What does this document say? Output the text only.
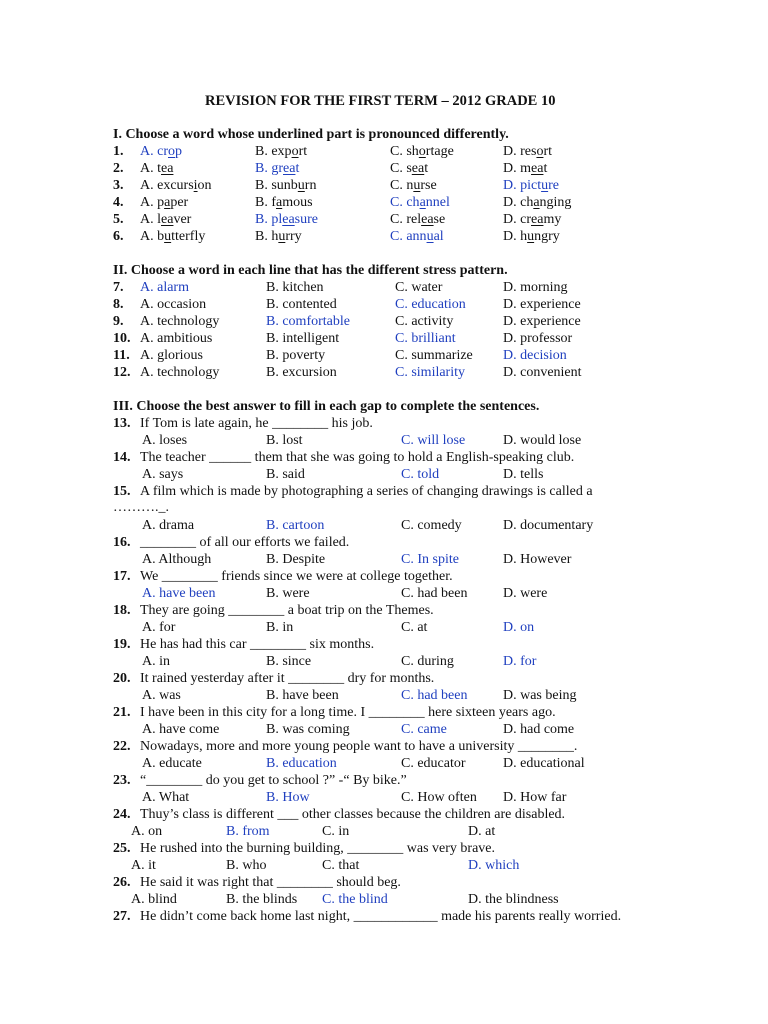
REVISION FOR THE FIRST TERM – 2012 GRADE 10
I. Choose a word whose underlined part is pronounced differently.
1. A. crop	B. export	C. shortage	D. resort
2. A. tea	B. great	C. seat	D. meat
3. A. excursion	B. sunburn	C. nurse	D. picture
4. A. paper	B. famous	C. channel	D. changing
5. A. leaver	B. pleasure	C. release	D. creamy
6. A. butterfly	B. hurry	C. annual	D. hungry
II. Choose a word in each line that has the different stress pattern.
7. A. alarm	B. kitchen	C. water	D. morning
8. A. occasion	B. contented	C. education	D. experience
9. A. technology	B. comfortable	C. activity	D. experience
10. A. ambitious	B. intelligent	C. brilliant	D. professor
11. A. glorious	B. poverty	C. summarize D. decision
12. A. technology	B. excursion	C. similarity	D. convenient
III. Choose the best answer to fill in each gap to complete the sentences.
13. If Tom is late again, he ________ his job.
A. loses	B. lost	C. will lose	D. would lose
14. The teacher ______ them that she was going to hold a English-speaking club.
A. says	B. said	C. told	D. tells
15. A film which is made by photographing a series of changing drawings is called a
………._.
A. drama	B. cartoon	C. comedy	D. documentary
16. ________ of all our efforts we failed.
A. Although	B. Despite	C. In spite	D. However
17. We ________ friends since we were at college together.
A. have been	B. were	C. had been	D. were
18. They are going ________ a boat trip on the Themes.
A. for	B. in	C. at	D. on
19. He has had this car ________ six months.
A. in	B. since	C. during	D. for
20. It rained yesterday after it ________ dry for months.
A. was	B. have been	C. had been	D. was being
21. I have been in this city for a long time. I ________ here sixteen years ago.
A. have come	B. was coming	C. came	D. had come
22. Nowadays, more and more young people want to have a university ________.
A. educate	B. education	C. educator	D. educational
23. “________ do you get to school ?” -“ By bike.”
A. What	B. How	C. How often D. How far
24. Thuy’s class is different ___ other classes because the children are disabled.
A. on	B. from	C. in	D. at
25. He rushed into the burning building, ________ was very brave.
A. it	B. who	C. that	D. which
26. He said it was right that ________ should beg.
A. blind	B. the blinds C. the blind	D. the blindness
27. He didn’t come back home last night, ____________ made his parents really worried.
